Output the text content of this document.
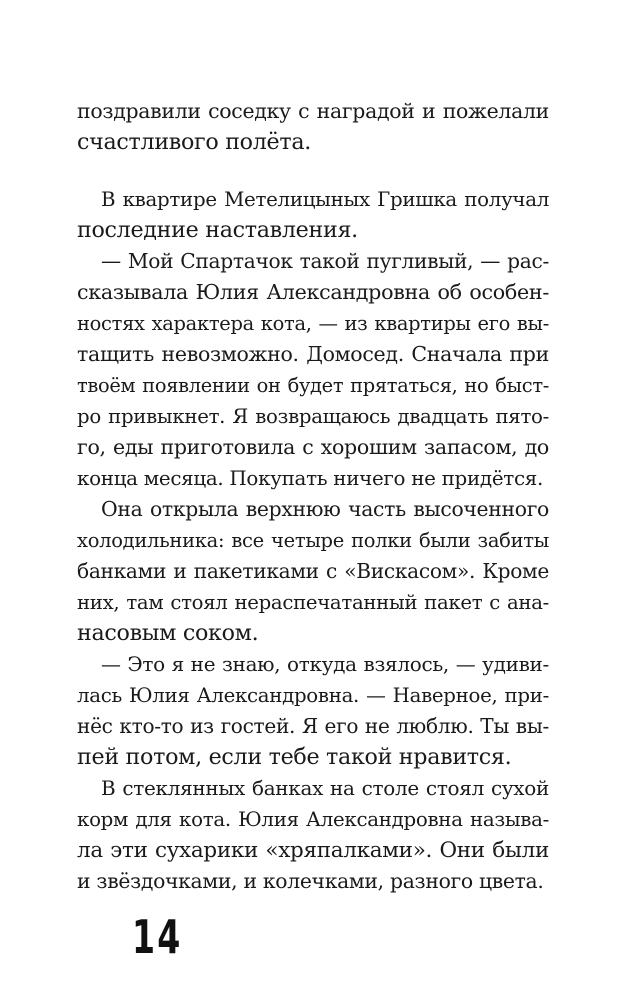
поздравили соседку с наградой и пожелали
счастливого полёта.
В квартире Метелицыных Гришка получал
последние наставления.
— Мой Спартачок такой пугливый, — рас-
сказывала Юлия Александровна об особен-
ностях характера кота, — из квартиры его вы-
тащить невозможно. Домосед. Сначала при
твоём появлении он будет прятаться, но быст-
ро привыкнет. Я возвращаюсь двадцать пято-
го, еды приготовила с хорошим запасом, до
конца месяца. Покупать ничего не придётся.
Она открыла верхнюю часть высоченного
холодильника: все четыре полки были забиты
банками и пакетиками с «Вискасом». Кроме
них, там стоял нераспечатанный пакет с ана-
насовым соком.
— Это я не знаю, откуда взялось, — удиви-
лась Юлия Александровна. — Наверное, при-
нёс кто-то из гостей. Я его не люблю. Ты вы-
пей потом, если тебе такой нравится.
В стеклянных банках на столе стоял сухой
корм для кота. Юлия Александровна называ-
ла эти сухарики «хряпалками». Они были
и звёздочками, и колечками, разного цвета.
14
